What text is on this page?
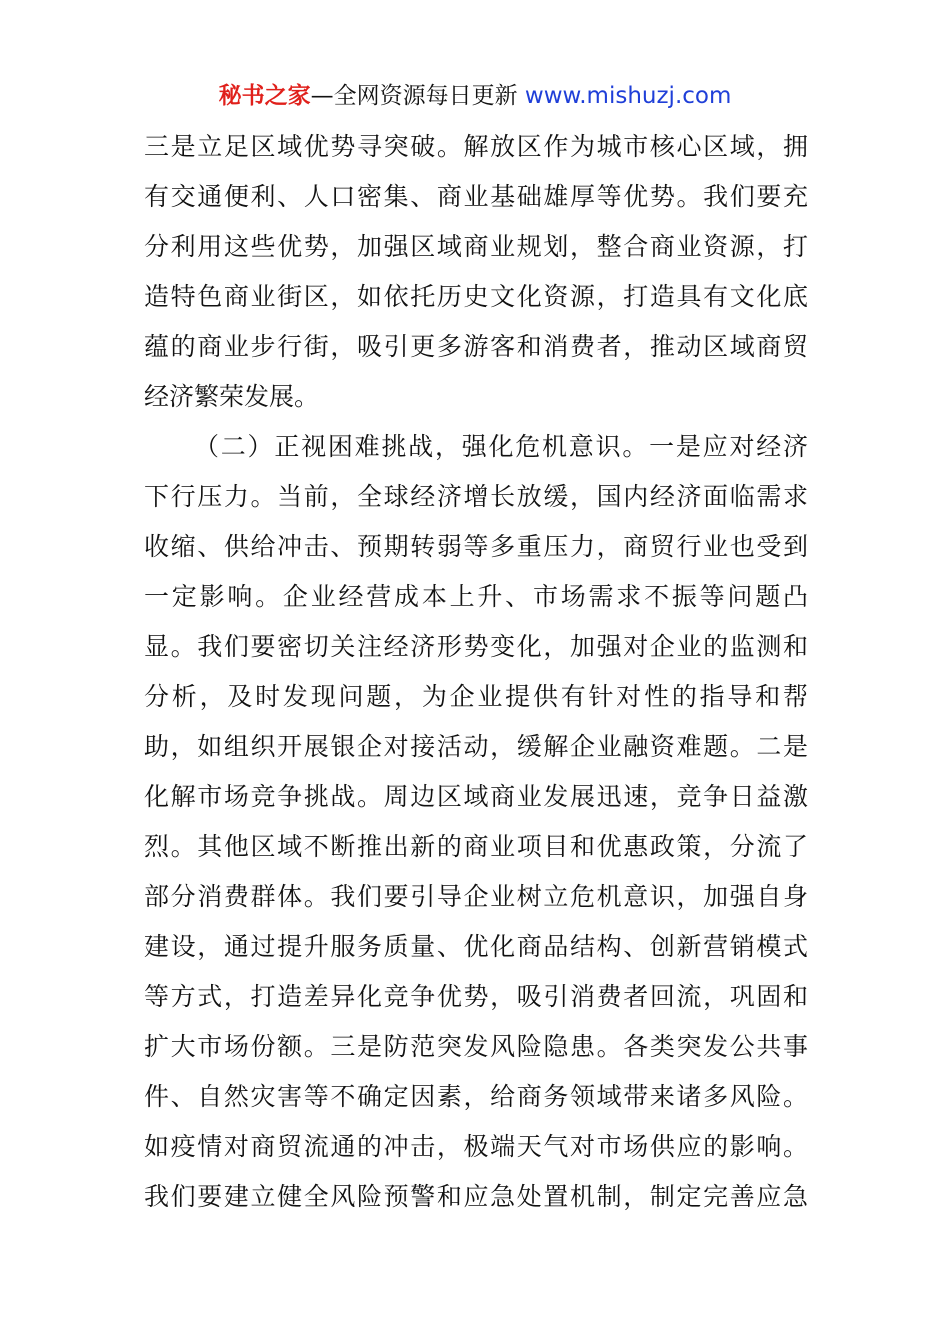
秘书之家—全网资源每日更新 www.mishuzj.com
三是立足区域优势寻突破。解放区作为城市核心区域，拥
有交通便利、人口密集、商业基础雄厚等优势。我们要充
分利用这些优势，加强区域商业规划，整合商业资源，打
造特色商业街区，如依托历史文化资源，打造具有文化底
蕴的商业步行街，吸引更多游客和消费者，推动区域商贸
经济繁荣发展。
（二）正视困难挑战，强化危机意识。一是应对经济
下行压力。当前，全球经济增长放缓，国内经济面临需求
收缩、供给冲击、预期转弱等多重压力，商贸行业也受到
一定影响。企业经营成本上升、市场需求不振等问题凸
显。我们要密切关注经济形势变化，加强对企业的监测和
分析，及时发现问题，为企业提供有针对性的指导和帮
助，如组织开展银企对接活动，缓解企业融资难题。二是
化解市场竞争挑战。周边区域商业发展迅速，竞争日益激
烈。其他区域不断推出新的商业项目和优惠政策，分流了
部分消费群体。我们要引导企业树立危机意识，加强自身
建设，通过提升服务质量、优化商品结构、创新营销模式
等方式，打造差异化竞争优势，吸引消费者回流，巩固和
扩大市场份额。三是防范突发风险隐患。各类突发公共事
件、自然灾害等不确定因素，给商务领域带来诸多风险。
如疫情对商贸流通的冲击，极端天气对市场供应的影响。
我们要建立健全风险预警和应急处置机制，制定完善应急
